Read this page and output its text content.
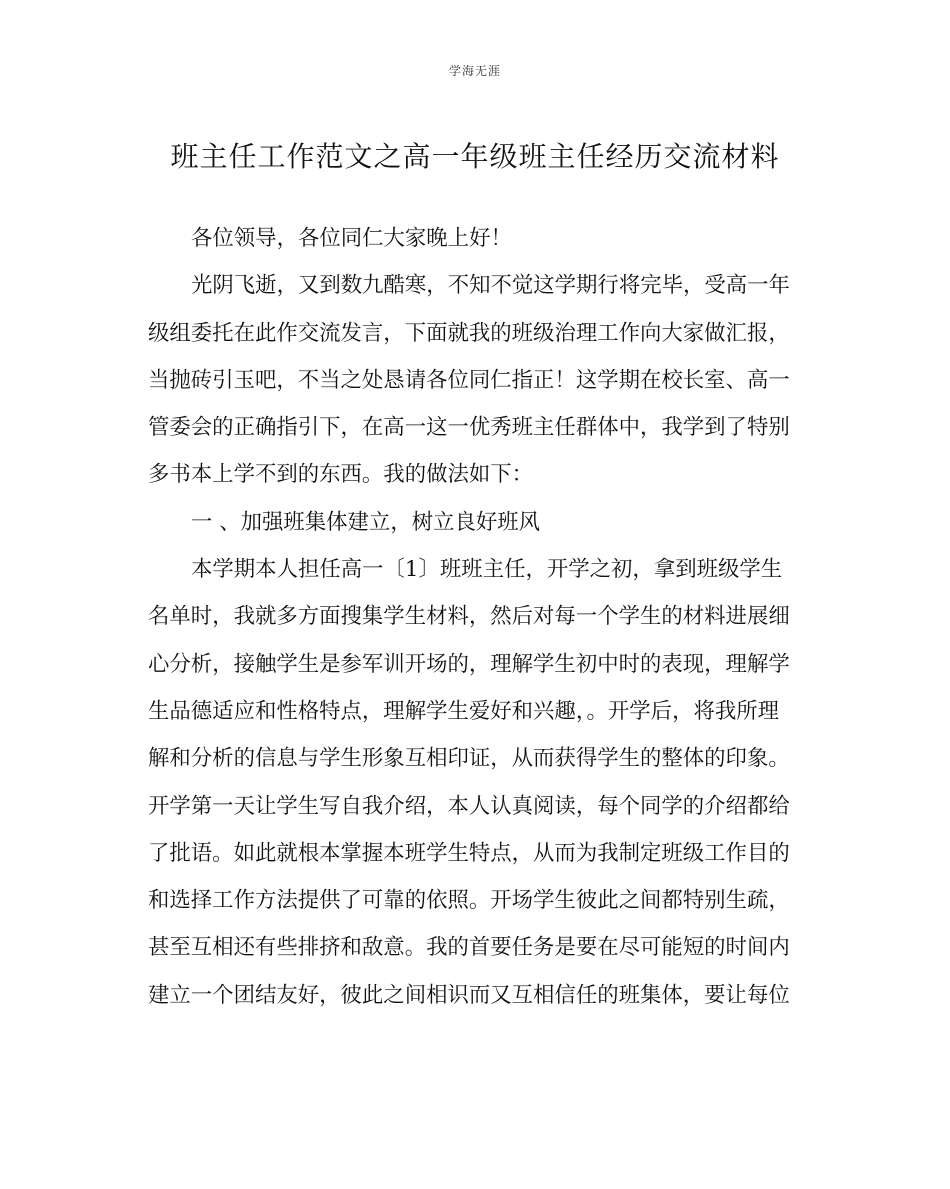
学海无涯
班主任工作范文之高一年级班主任经历交流材料
各位领导，各位同仁大家晚上好！
光阴飞逝，又到数九酷寒，不知不觉这学期行将完毕，受高一年
级组委托在此作交流发言，下面就我的班级治理工作向大家做汇报，
当抛砖引玉吧，不当之处恳请各位同仁指正！这学期在校长室、高一
管委会的正确指引下，在高一这一优秀班主任群体中，我学到了特别
多书本上学不到的东西。我的做法如下：
一 、加强班集体建立，树立良好班风
本学期本人担任高一〔1〕班班主任，开学之初，拿到班级学生
名单时，我就多方面搜集学生材料，然后对每一个学生的材料进展细
心分析，接触学生是参军训开场的，理解学生初中时的表现，理解学
生品德适应和性格特点，理解学生爱好和兴趣，。开学后，将我所理
解和分析的信息与学生形象互相印证，从而获得学生的整体的印象。
开学第一天让学生写自我介绍，本人认真阅读，每个同学的介绍都给
了批语。如此就根本掌握本班学生特点，从而为我制定班级工作目的
和选择工作方法提供了可靠的依照。开场学生彼此之间都特别生疏，
甚至互相还有些排挤和敌意。我的首要任务是要在尽可能短的时间内
建立一个团结友好，彼此之间相识而又互相信任的班集体，要让每位
